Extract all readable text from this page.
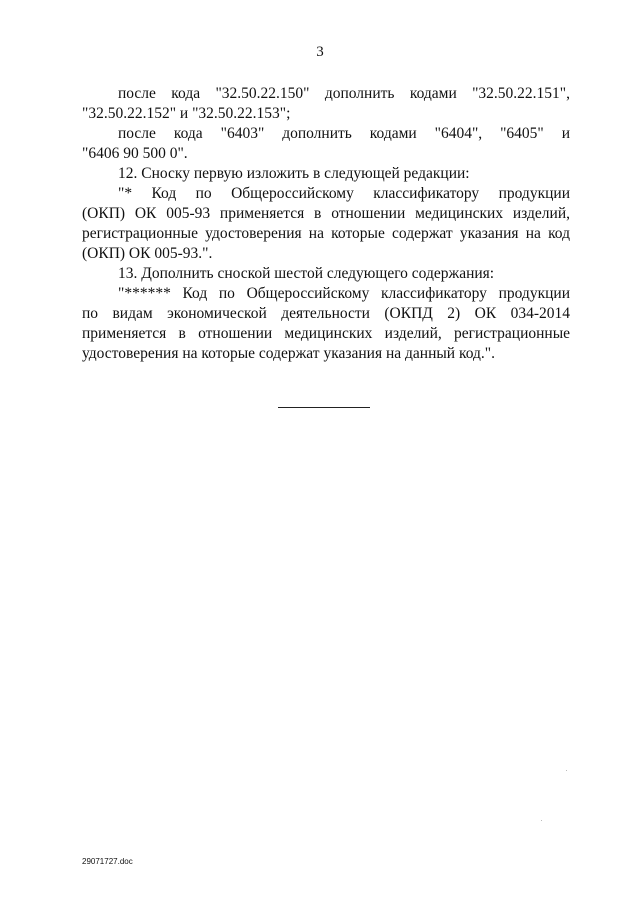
3

после кода "32.50.22.150" дополнить кодами "32.50.22.151",

"32.50.22.152" и "32.50.22.153";

после кода "6403" дополнить кодами "6404", "6405" и

"6406 90 500 0".

12. Сноску первую изложить в следующей редакции:

"* Код по Общероссийскому классификатору продукции

(ОКП) ОК 005-93 применяется в отношении медицинских изделий,

регистрационные удостоверения на которые содержат указания на код

(ОКП) ОК 005-93.".

13. Дополнить сноской шестой следующего содержания:

"****** Код по Общероссийскому классификатору продукции

по видам экономической деятельности (ОКПД 2) ОК 034-2014

применяется в отношении медицинских изделий, регистрационные

удостоверения на которые содержат указания на данный код.".

29071727.doc
